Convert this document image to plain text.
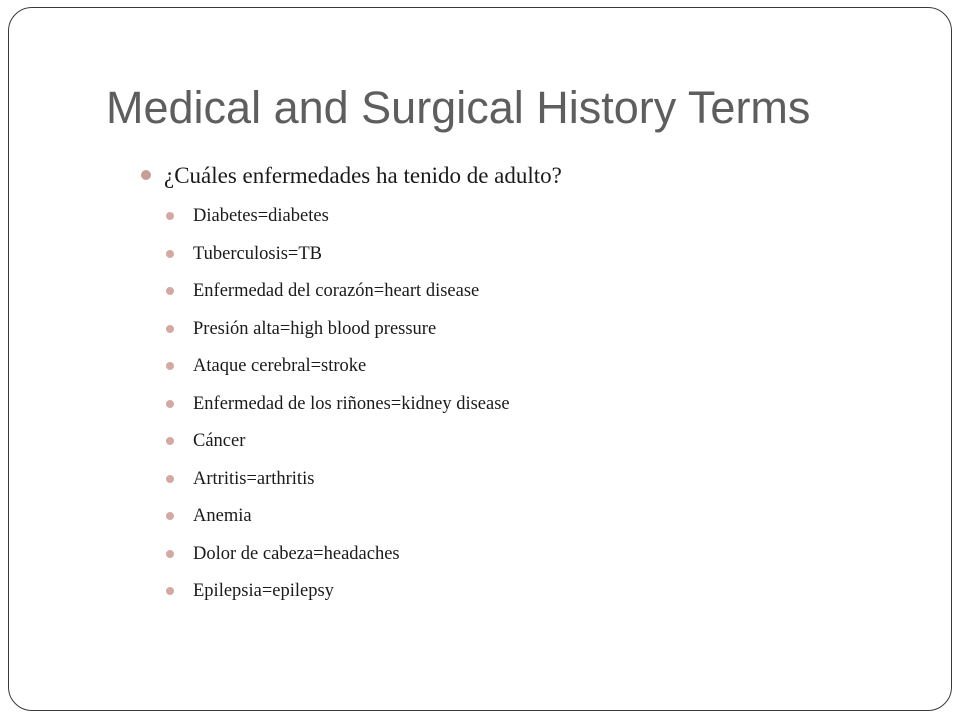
Medical and Surgical History Terms
¿Cuáles enfermedades ha tenido de adulto?
Diabetes=diabetes
Tuberculosis=TB
Enfermedad del corazón=heart disease
Presión alta=high blood pressure
Ataque cerebral=stroke
Enfermedad de los riñones=kidney disease
Cáncer
Artritis=arthritis
Anemia
Dolor de cabeza=headaches
Epilepsia=epilepsy
